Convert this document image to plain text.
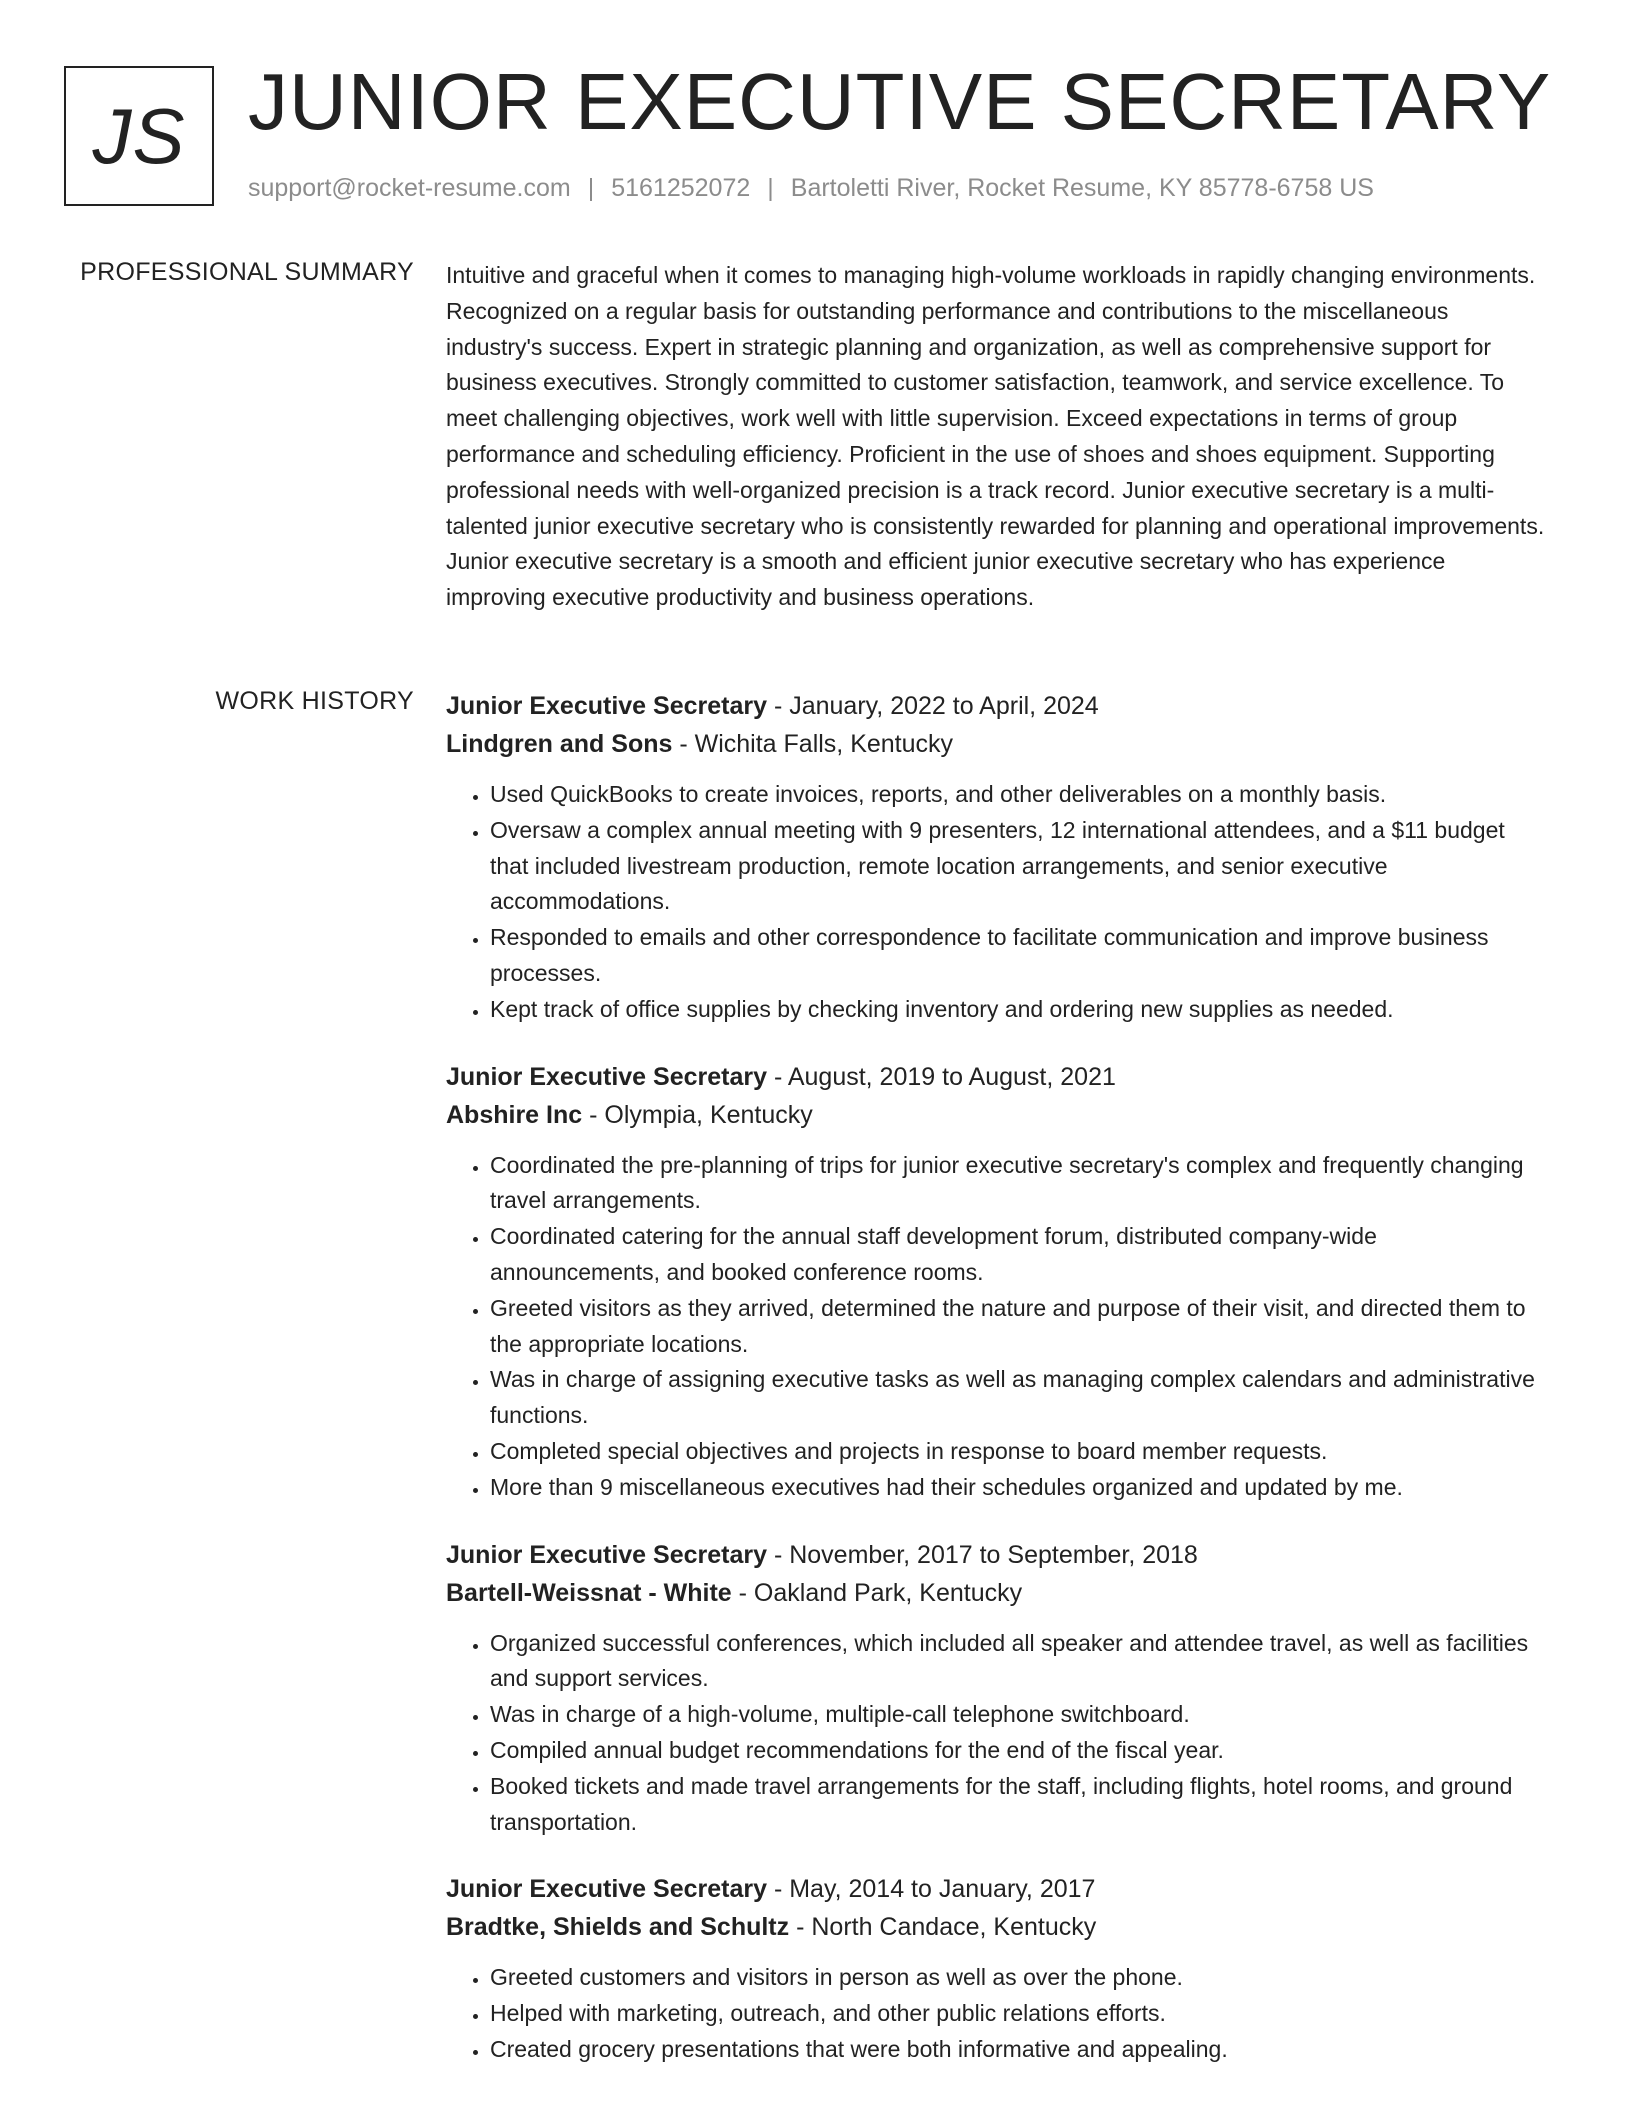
JS JUNIOR EXECUTIVE SECRETARY
support@rocket-resume.com | 5161252072 | Bartoletti River, Rocket Resume, KY 85778-6758 US
PROFESSIONAL SUMMARY Intuitive and graceful when it comes to managing high-volume workloads in rapidly changing environments. Recognized on a regular basis for outstanding performance and contributions to the miscellaneous industry's success. Expert in strategic planning and organization, as well as comprehensive support for business executives. Strongly committed to customer satisfaction, teamwork, and service excellence. To meet challenging objectives, work well with little supervision. Exceed expectations in terms of group performance and scheduling efficiency. Proficient in the use of shoes and shoes equipment. Supporting professional needs with well-organized precision is a track record. Junior executive secretary is a multi-talented junior executive secretary who is consistently rewarded for planning and operational improvements. Junior executive secretary is a smooth and efficient junior executive secretary who has experience improving executive productivity and business operations.

WORK HISTORY Junior Executive Secretary - January, 2022 to April, 2024
Lindgren and Sons - Wichita Falls, Kentucky
• Used QuickBooks to create invoices, reports, and other deliverables on a monthly basis.
• Oversaw a complex annual meeting with 9 presenters, 12 international attendees, and a $11 budget that included livestream production, remote location arrangements, and senior executive accommodations.
• Responded to emails and other correspondence to facilitate communication and improve business processes.
• Kept track of office supplies by checking inventory and ordering new supplies as needed.
Junior Executive Secretary - August, 2019 to August, 2021
Abshire Inc - Olympia, Kentucky
• Coordinated the pre-planning of trips for junior executive secretary's complex and frequently changing travel arrangements.
• Coordinated catering for the annual staff development forum, distributed company-wide announcements, and booked conference rooms.
• Greeted visitors as they arrived, determined the nature and purpose of their visit, and directed them to the appropriate locations.
• Was in charge of assigning executive tasks as well as managing complex calendars and administrative functions.
• Completed special objectives and projects in response to board member requests.
• More than 9 miscellaneous executives had their schedules organized and updated by me.
Junior Executive Secretary - November, 2017 to September, 2018
Bartell-Weissnat - White - Oakland Park, Kentucky
• Organized successful conferences, which included all speaker and attendee travel, as well as facilities and support services.
• Was in charge of a high-volume, multiple-call telephone switchboard.
• Compiled annual budget recommendations for the end of the fiscal year.
• Booked tickets and made travel arrangements for the staff, including flights, hotel rooms, and ground transportation.
Junior Executive Secretary - May, 2014 to January, 2017
Bradtke, Shields and Schultz - North Candace, Kentucky
• Greeted customers and visitors in person as well as over the phone.
• Helped with marketing, outreach, and other public relations efforts.
• Created grocery presentations that were both informative and appealing.
